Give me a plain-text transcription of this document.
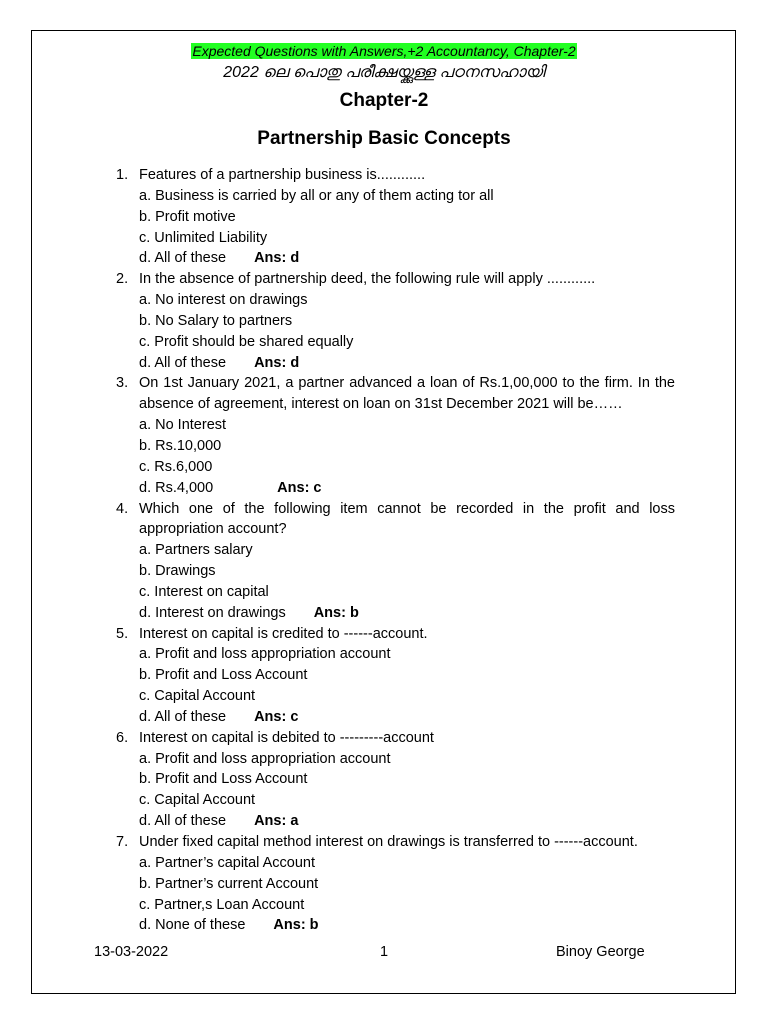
Expected Questions with Answers,+2 Accountancy, Chapter-2
2022 ലെ പൊതു പരീക്ഷയ്ക്കുള്ള പഠനസഹായി
Chapter-2
Partnership Basic Concepts
1. Features of a partnership business is............
a. Business is carried by all or any of them acting tor all
b. Profit motive
c. Unlimited Liability
d. All of these Ans: d
2. In the absence of partnership deed, the following rule will apply ............
a. No interest on drawings
b. No Salary to partners
c. Profit should be shared equally
d. All of these Ans: d
3. On 1st January 2021, a partner advanced a loan of Rs.1,00,000 to the firm. In the absence of agreement, interest on loan on 31st December 2021 will be……
a. No Interest
b. Rs.10,000
c. Rs.6,000
d. Rs.4,000	Ans: c
4. Which one of the following item cannot be recorded in the profit and loss appropriation account?
a. Partners salary
b. Drawings
c. Interest on capital
d. Interest on drawings Ans: b
5. Interest on capital is credited to ------account.
a. Profit and loss appropriation account
b. Profit and Loss Account
c. Capital Account
d. All of these Ans: c
6. Interest on capital is debited to ---------account
a. Profit and loss appropriation account
b. Profit and Loss Account
c. Capital Account
d. All of these Ans: a
7. Under fixed capital method interest on drawings is transferred to ------account.
a. Partner’s capital Account
b. Partner’s current Account
c. Partner,s Loan Account
d. None of these Ans: b
13-03-2022	1	Binoy George
